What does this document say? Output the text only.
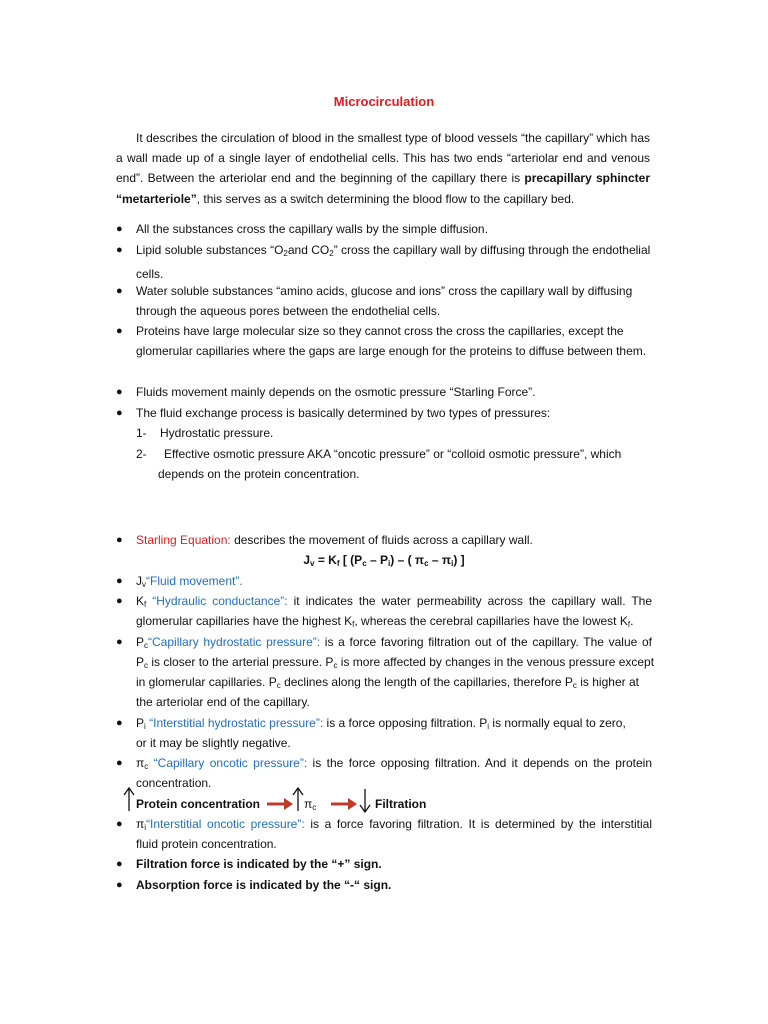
Microcirculation
It describes the circulation of blood in the smallest type of blood vessels “the capillary” which has a wall made up of a single layer of endothelial cells. This has two ends “arteriolar end and venous end”. Between the arteriolar end and the beginning of the capillary there is precapillary sphincter “metarteriole”, this serves as a switch determining the blood flow to the capillary bed.
● All the substances cross the capillary walls by the simple diffusion.
● Lipid soluble substances “$O_2and$ $CO_2$” cross the capillary wall by diffusing through the endothelial cells.
● Water soluble substances “amino acids, glucose and ions” cross the capillary wall by diffusing through the aqueous pores between the endothelial cells.
● Proteins have large molecular size so they cannot cross the cross the capillaries, except the glomerular capillaries where the gaps are large enough for the proteins to diffuse between them.
● Fluids movement mainly depends on the osmotic pressure “Starling Force”.
● The fluid exchange process is basically determined by two types of pressures:
1- Hydrostatic pressure.
2- Effective osmotic pressure AKA “oncotic pressure” or “colloid osmotic pressure”, which
depends on the protein concentration.
● Starling Equation: describes the movement of fluids across a capillary wall.
$J_v = K_f$ [ $(P_c - P_i)$ – ( $\pi_c - \pi_i$) ]
● $J_v“Fluid$ movement”.
● $K_f$ “Hydraulic conductance”: it indicates the water permeability across the capillary wall. The
glomerular capillaries have the highest $K_f$, whereas the cerebral capillaries have the lowest $K_f$.
● $P_c“Capillary$ hydrostatic pressure”: is a force favoring filtration out of the capillary. The value of
$P_c$ is closer to the arterial pressure. $P_c$ is more affected by changes in the venous pressure except
in glomerular capillaries. $P_c$ declines along the length of the capillaries, therefore $P_c$ is higher at
the arteriolar end of the capillary.
● $P_i$ “Interstitial hydrostatic pressure”: is a force opposing filtration. $P_i$ is normally equal to zero,
or it may be slightly negative.
● $\pi_c$ “Capillary oncotic pressure”: is the force opposing filtration. And it depends on the protein
concentration.
Protein concentration	$\pi_c$	Filtration
● $\pi_i“Interstitial$ oncotic pressure”: is a force favoring filtration. It is determined by the interstitial
fluid protein concentration.
● Filtration force is indicated by the “+” sign.
● Absorption force is indicated by the “-“ sign.
